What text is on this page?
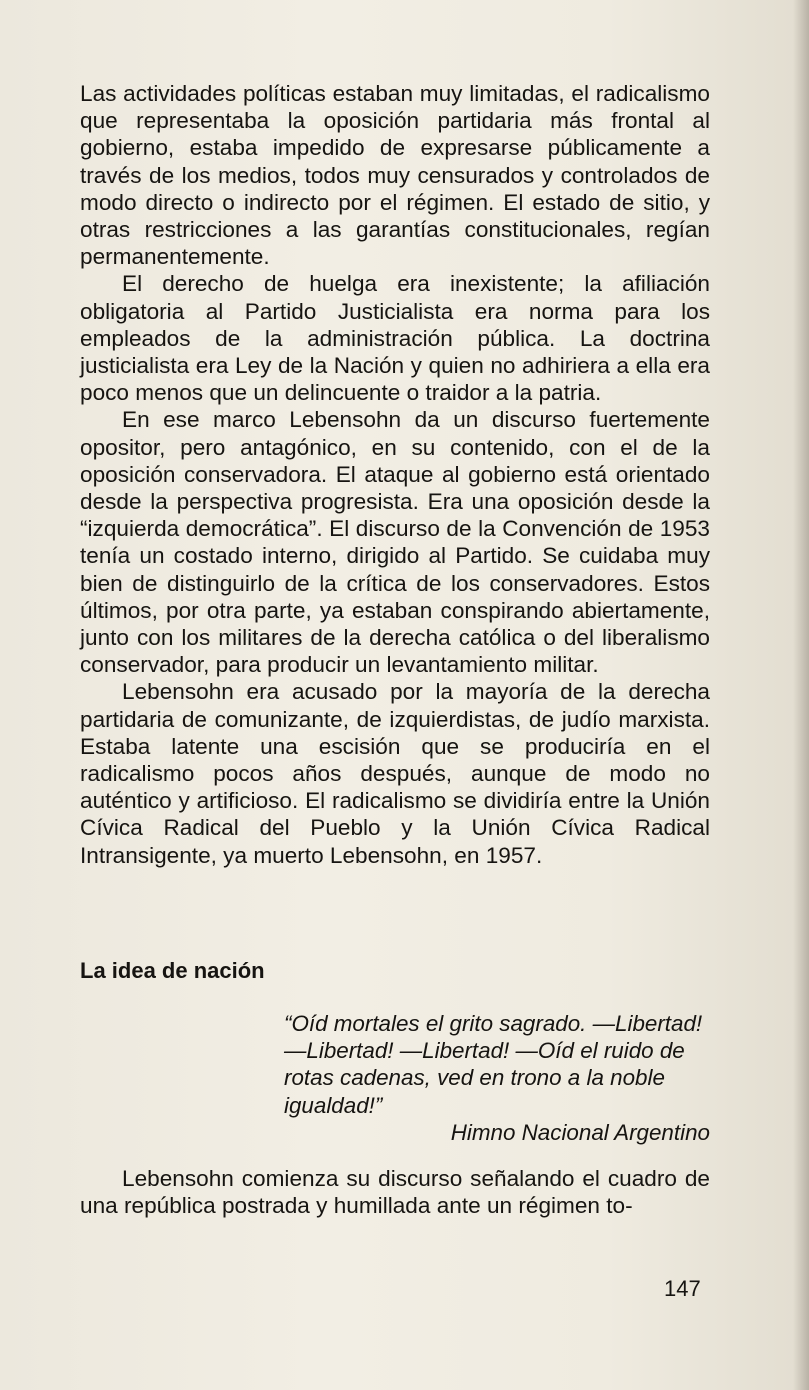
Las actividades políticas estaban muy limitadas, el radicalismo que representaba la oposición partidaria más frontal al gobierno, estaba impedido de expresarse públicamente a través de los medios, todos muy censurados y controlados de modo directo o indirecto por el régimen. El estado de sitio, y otras restricciones a las garantías constitucionales, regían permanentemente.

El derecho de huelga era inexistente; la afiliación obligatoria al Partido Justicialista era norma para los empleados de la administración pública. La doctrina justicialista era Ley de la Nación y quien no adhiriera a ella era poco menos que un delincuente o traidor a la patria.

En ese marco Lebensohn da un discurso fuertemente opositor, pero antagónico, en su contenido, con el de la oposición conservadora. El ataque al gobierno está orientado desde la perspectiva progresista. Era una oposición desde la “izquierda democrática”. El discurso de la Convención de 1953 tenía un costado interno, dirigido al Partido. Se cuidaba muy bien de distinguirlo de la crítica de los conservadores. Estos últimos, por otra parte, ya estaban conspirando abiertamente, junto con los militares de la derecha católica o del liberalismo conservador, para producir un levantamiento militar.

Lebensohn era acusado por la mayoría de la derecha partidaria de comunizante, de izquierdistas, de judío marxista. Estaba latente una escisión que se produciría en el radicalismo pocos años después, aunque de modo no auténtico y artificioso. El radicalismo se dividiría entre la Unión Cívica Radical del Pueblo y la Unión Cívica Radical Intransigente, ya muerto Lebensohn, en 1957.

La idea de nación

“Oíd mortales el grito sagrado. —Libertad! —Libertad! —Libertad! —Oíd el ruido de rotas cadenas, ved en trono a la noble igualdad!”

Himno Nacional Argentino

Lebensohn comienza su discurso señalando el cuadro de una república postrada y humillada ante un régimen to-

147
